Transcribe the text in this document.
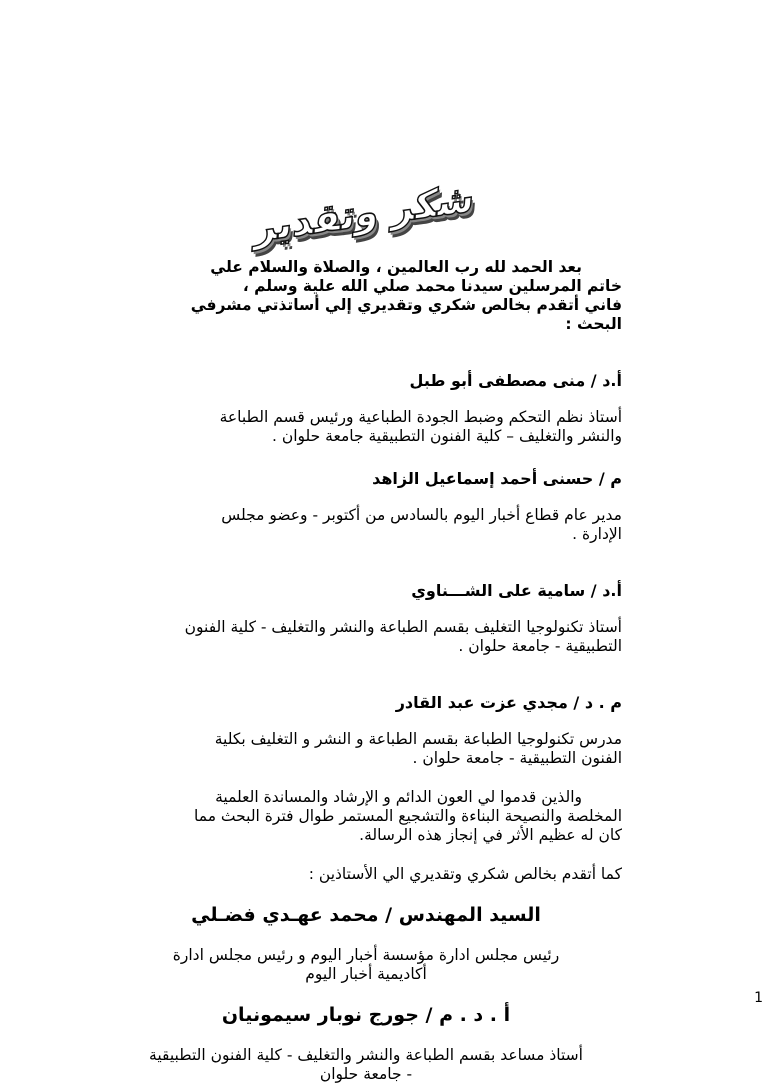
شكر وتقدير

بعد الحمد لله رب العالمين ، والصلاة والسلام علي

خاتم المرسلين سيدنا محمد صلي الله علية وسلم ،

فاني أتقدم بخالص شكري وتقديري إلي أساتذتي مشرفي

البحث :

أ.د / منى مصطفى أبو طبل

أستاذ نظم التحكم وضبط الجودة الطباعية ورئيس قسم الطباعة

والنشر والتغليف – كلية الفنون التطبيقية جامعة حلوان .

م / حسنى أحمد إسماعيل الزاهد

مدير عام قطاع أخبار اليوم بالسادس من أكتوبر - وعضو مجلس

الإدارة .

أ.د / سامية على الشـــناوي

أستاذ تكنولوجيا التغليف بقسم الطباعة والنشر والتغليف - كلية الفنون

التطبيقية - جامعة حلوان .

م . د / مجدي عزت عبد القادر

مدرس تكنولوجيا الطباعة بقسم الطباعة و النشر و التغليف بكلية

الفنون التطبيقية - جامعة حلوان .

والذين قدموا لي العون الدائم و الإرشاد والمساندة العلمية

المخلصة والنصيحة البناءة والتشجيع المستمر طوال فترة البحث مما

كان له عظيم الأثر في إنجاز هذه الرسالة.

كما أتقدم بخالص شكري وتقديري الي الأستاذين :

السيد المهندس / محمد عهـدي فضـلي

رئيس مجلس ادارة مؤسسة أخبار اليوم و رئيس مجلس ادارة

أكاديمية أخبار اليوم

أ . د . م / جورج نوبار سيمونيان

أستاذ مساعد بقسم الطباعة والنشر والتغليف - كلية الفنون التطبيقية

- جامعة حلوان

1
